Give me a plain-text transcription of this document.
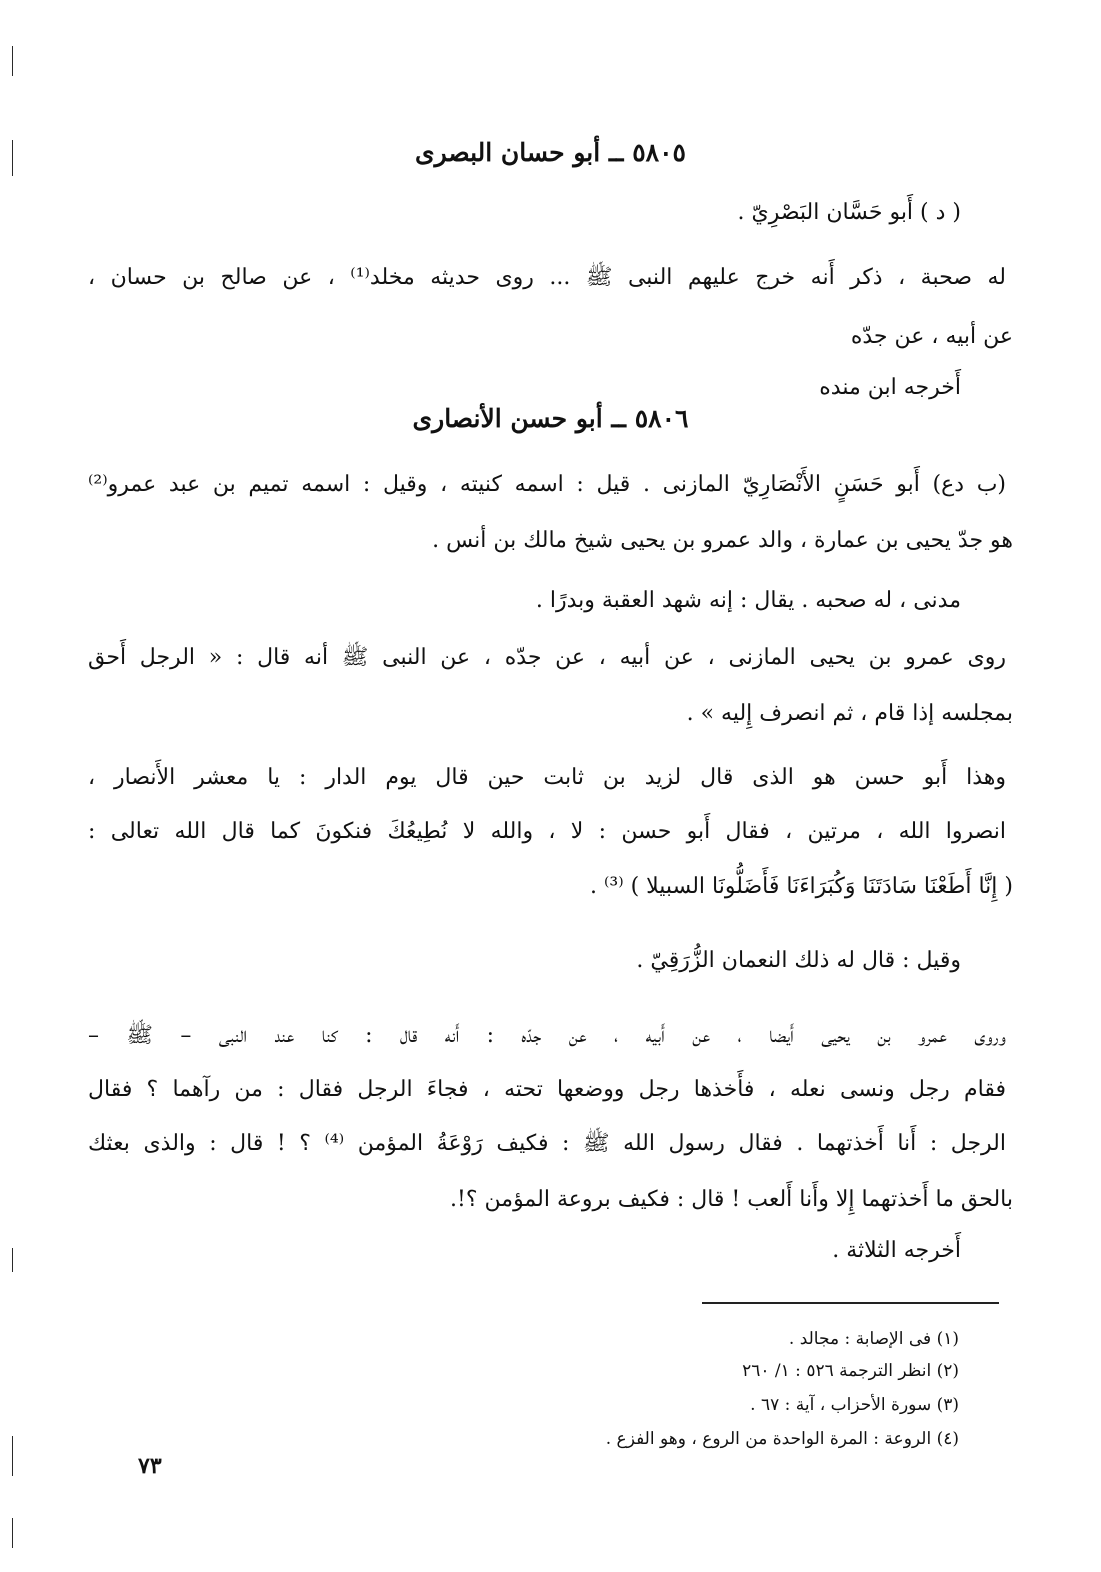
٥٨٠٥ ــ أبو حسان البصرى
( د ) أَبو حَسَّان البَصْرِيّ .
له صحبة ، ذكر أَنه خرج عليهم النبى ﷺ ... روى حديثه مخلد⁽¹⁾ ، عن صالح بن حسان ،
عن أبيه ، عن جدّه
أَخرجه ابن منده
٥٨٠٦ ــ أبو حسن الأنصارى
(ب دع) أَبو حَسَنٍ الأَنْصَارِيّ المازنى . قيل : اسمه كنيته ، وقيل : اسمه تميم بن عبد عمرو⁽²⁾
هو جدّ يحيى بن عمارة ، والد عمرو بن يحيى شيخ مالك بن أنس .
مدنى ، له صحبه . يقال : إنه شهد العقبة وبدرًا .
روى عمرو بن يحيى المازنى ، عن أبيه ، عن جدّه ، عن النبى ﷺ أنه قال : « الرجل أَحق
بمجلسه إذا قام ، ثم انصرف إِليه » .
وهذا أَبو حسن هو الذى قال لزيد بن ثابت حين قال يوم الدار : يا معشر الأَنصار ،
انصروا الله ، مرتين ، فقال أَبو حسن : لا ، والله لا نُطِيعُكَ فنكونَ كما قال الله تعالى :
( إِنَّا أَطَعْنَا سَادَتَنَا وَكُبَرَاءَنَا فَأَضَلُّونَا السبيلا ) ⁽³⁾ .
وقيل : قال له ذلك النعمان الزُّرَقِيّ .
وروى عمرو بن يحيى أَيضا ، عن أَبيه ، عن جدّه : أَنه قال : كنا عند النبى – ﷺ –
فقام رجل ونسى نعله ، فأَخذها رجل ووضعها تحته ، فجاءَ الرجل فقال : من رآهما ؟ فقال
الرجل : أَنا أَخذتهما . فقال رسول الله ﷺ : فكيف رَوْعَةُ المؤمن ⁽⁴⁾ ؟ ! قال : والذى بعثك
بالحق ما أَخذتهما إِلا وأَنا أَلعب ! قال : فكيف بروعة المؤمن ؟!.
أَخرجه الثلاثة .
(١) فى الإصابة : مجالد .
(٢) انظر الترجمة ٥٢٦ : ١/ ٢٦٠
(٣) سورة الأحزاب ، آية : ٦٧ .
(٤) الروعة : المرة الواحدة من الروع ، وهو الفزع .
٧٣
